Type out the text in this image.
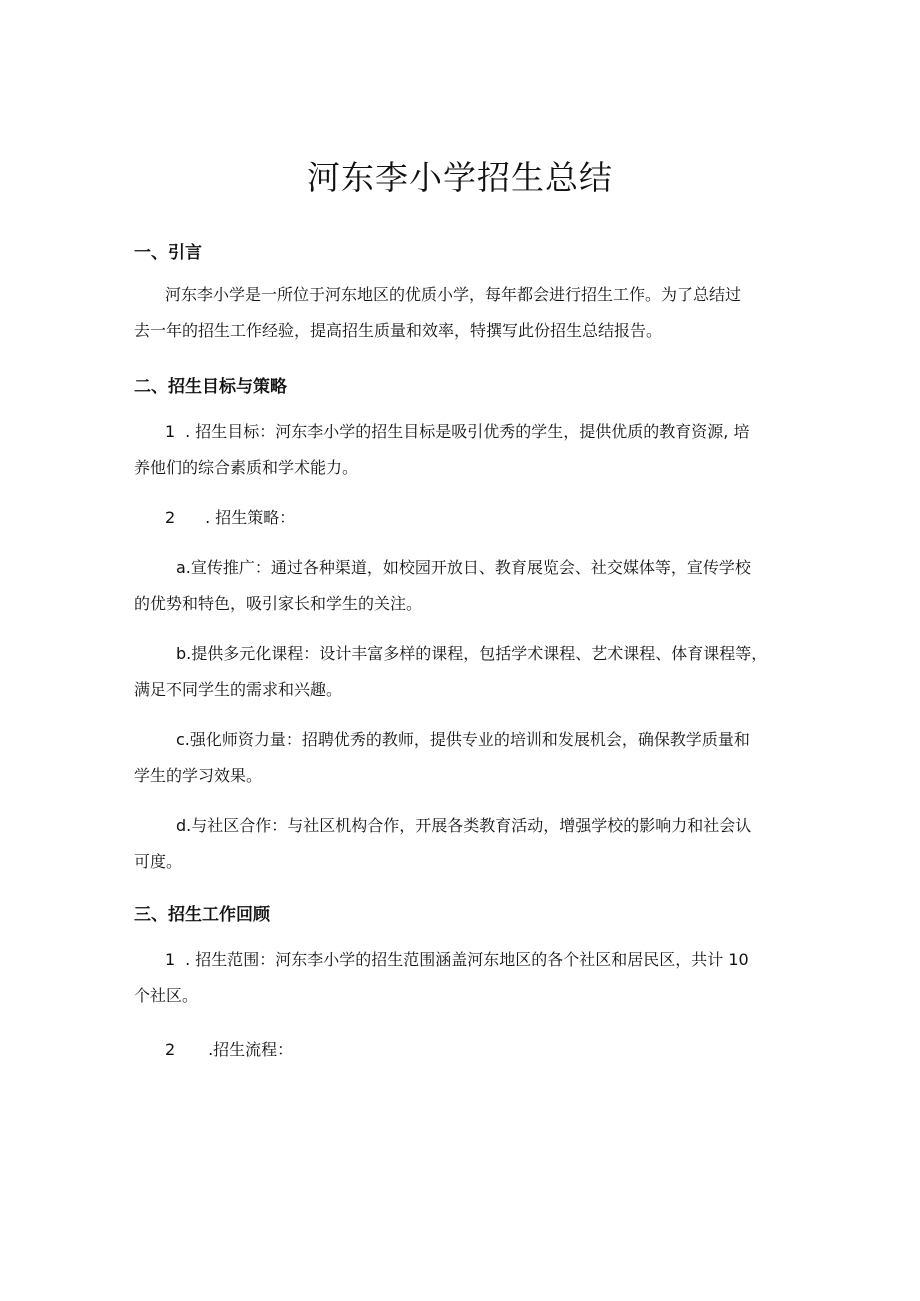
河东李小学招生总结
一、引言

河东李小学是一所位于河东地区的优质小学，每年都会进行招生工作。为了总结过

去一年的招生工作经验，提高招生质量和效率，特撰写此份招生总结报告。

二、招生目标与策略

1 . 招生目标：河东李小学的招生目标是吸引优秀的学生，提供优质的教育资源, 培

养他们的综合素质和学术能力。

2 . 招生策略：

a.宣传推广：通过各种渠道，如校园开放日、教育展览会、社交媒体等，宣传学校

的优势和特色，吸引家长和学生的关注。

b.提供多元化课程：设计丰富多样的课程，包括学术课程、艺术课程、体育课程等，

满足不同学生的需求和兴趣。

c.强化师资力量：招聘优秀的教师，提供专业的培训和发展机会，确保教学质量和

学生的学习效果。

d.与社区合作：与社区机构合作，开展各类教育活动，增强学校的影响力和社会认

可度。

三、招生工作回顾

1 . 招生范围：河东李小学的招生范围涵盖河东地区的各个社区和居民区，共计 10

个社区。

2 .招生流程：
